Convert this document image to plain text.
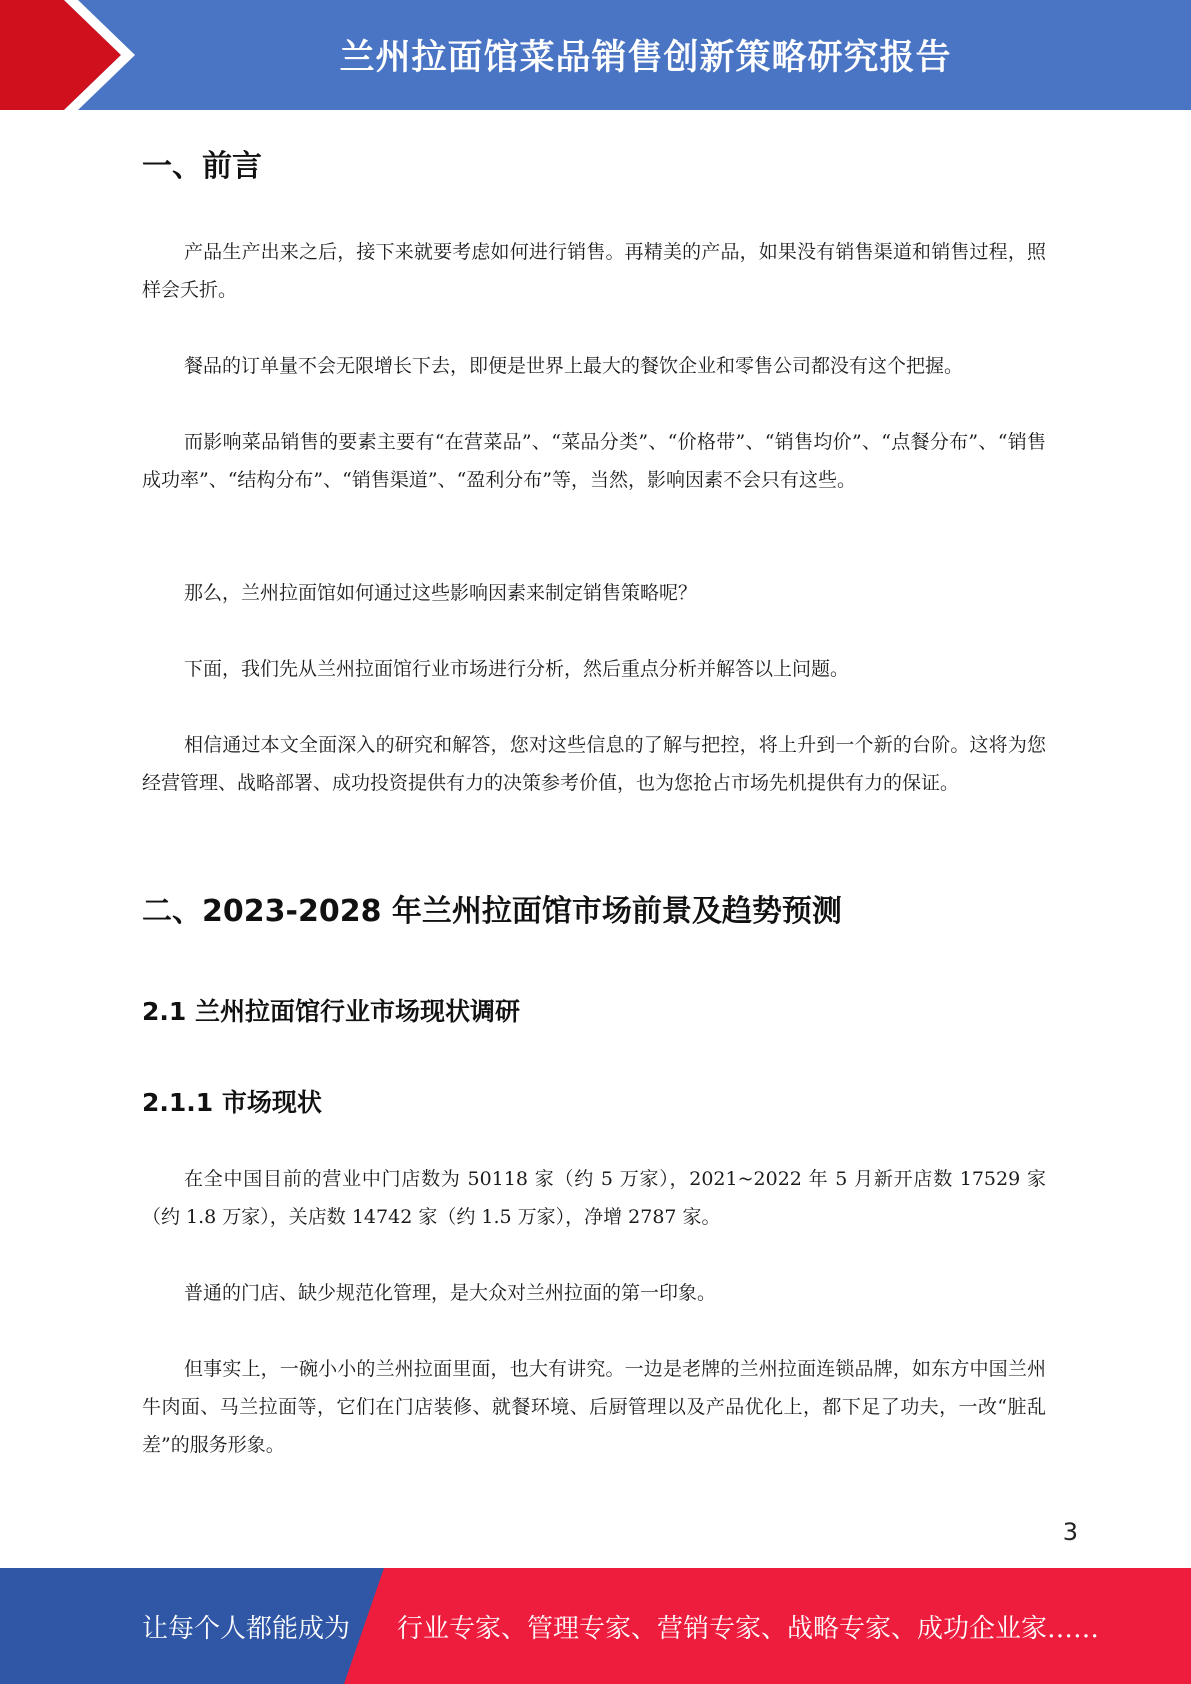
兰州拉面馆菜品销售创新策略研究报告
一、前言
产品生产出来之后，接下来就要考虑如何进行销售。再精美的产品，如果没有销售渠道和销售过程，照样会夭折。
餐品的订单量不会无限增长下去，即便是世界上最大的餐饮企业和零售公司都没有这个把握。
而影响菜品销售的要素主要有“在营菜品”、“菜品分类”、“价格带”、“销售均价”、“点餐分布”、“销售成功率”、“结构分布”、“销售渠道”、“盈利分布”等，当然，影响因素不会只有这些。
那么，兰州拉面馆如何通过这些影响因素来制定销售策略呢？
下面，我们先从兰州拉面馆行业市场进行分析，然后重点分析并解答以上问题。
相信通过本文全面深入的研究和解答，您对这些信息的了解与把控，将上升到一个新的台阶。这将为您经营管理、战略部署、成功投资提供有力的决策参考价值，也为您抢占市场先机提供有力的保证。
二、2023-2028 年兰州拉面馆市场前景及趋势预测
2.1 兰州拉面馆行业市场现状调研
2.1.1 市场现状
在全中国目前的营业中门店数为 50118 家（约 5 万家），2021~2022 年 5 月新开店数 17529 家（约 1.8 万家），关店数 14742 家（约 1.5 万家），净增 2787 家。
普通的门店、缺少规范化管理，是大众对兰州拉面的第一印象。
但事实上，一碗小小的兰州拉面里面，也大有讲究。一边是老牌的兰州拉面连锁品牌，如东方中国兰州牛肉面、马兰拉面等，它们在门店装修、就餐环境、后厨管理以及产品优化上，都下足了功夫，一改“脏乱差”的服务形象。
3
让每个人都能成为 行业专家、管理专家、营销专家、战略专家、成功企业家……
